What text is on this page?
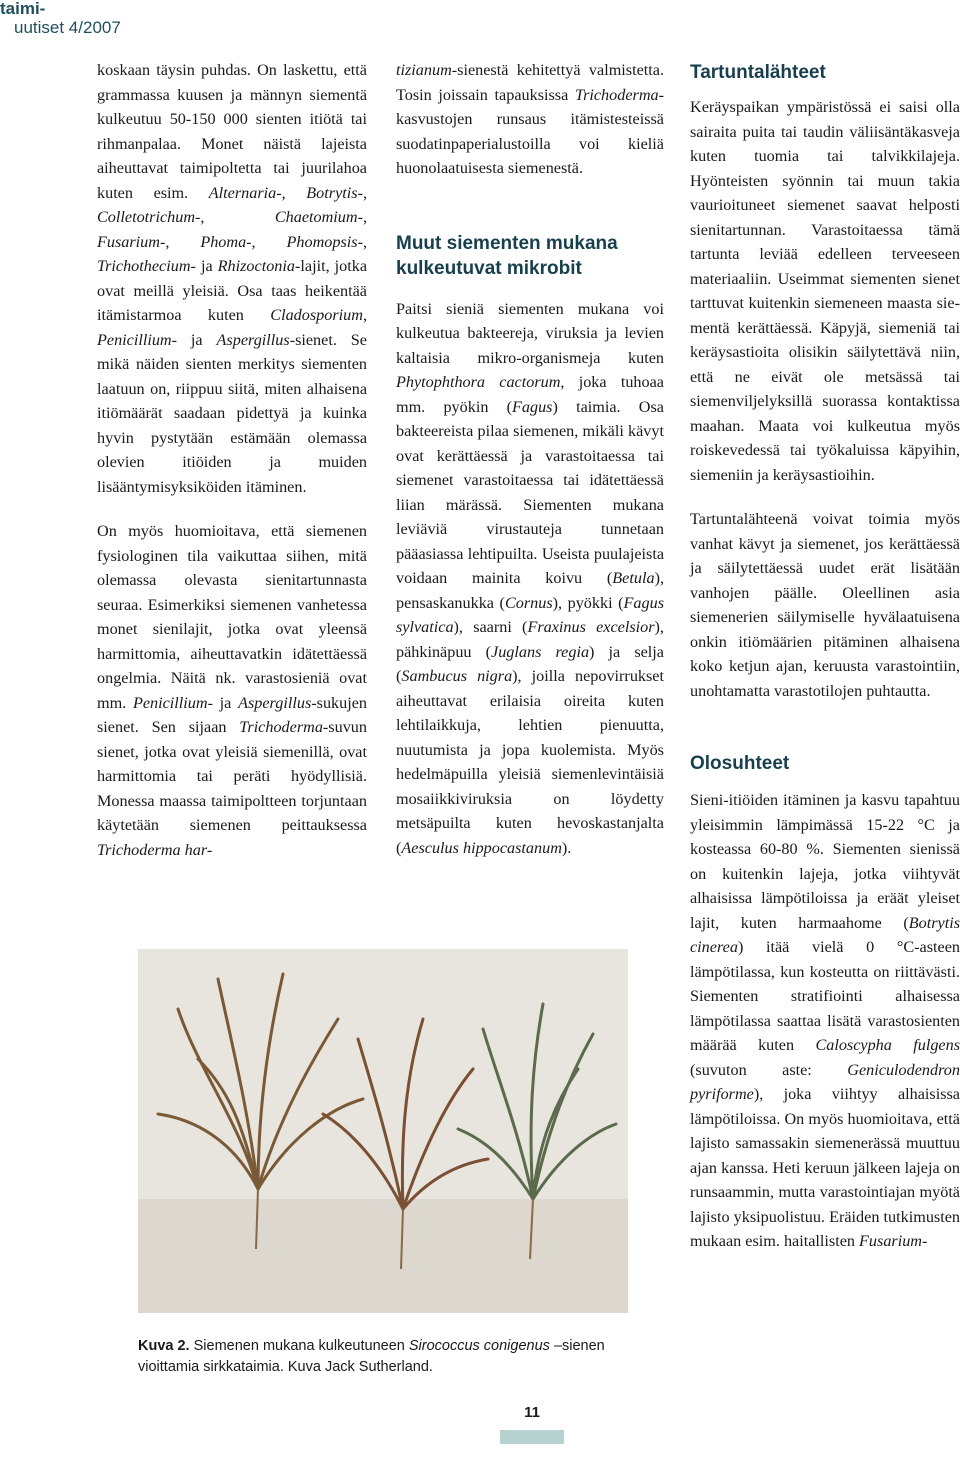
taimi-
uutiset 4/2007

koskaan täysin puhdas. On laskettu, että grammassa kuusen ja männyn siementä kulkeutuu 50-150 000 sienten itiötä tai rihmanpalaa. Monet näistä lajeista aiheuttavat taimipoltetta tai juurilahoa kuten esim. Alternaria-, Botrytis-, Colletotrichum-, Chaetomium-, Fusarium-, Phoma-, Phomopsis-, Trichothecium- ja Rhizoctonia-lajit, jotka ovat meillä yleisiä. Osa taas heikentää itämistarmoa kuten Cladosporium, Penicillium- ja Aspergillus-sienet. Se mikä näiden sienten merkitys siementen laatuun on, riippuu siitä, miten alhaisena itiömäärät saadaan pidettyä ja kuinka hyvin pystytään estämään olemassa olevien itiöiden ja muiden lisääntymisyksiköiden itäminen.

On myös huomioitava, että siemenen fysiologinen tila vaikuttaa siihen, mitä olemassa olevasta sienitartunnasta seuraa. Esimerkiksi siemenen vanhetessa monet sienilajit, jotka ovat yleensä harmittomia, aiheuttavatkin idätettäessä ongelmia. Näitä nk. varastosieniä ovat mm. Penicillium- ja Aspergillus-sukujen sienet. Sen sijaan Trichoderma-suvun sienet, jotka ovat yleisiä siemenillä, ovat harmittomia tai peräti hyödyllisiä. Monessa maassa taimipoltteen torjuntaan käytetään siemenen peittauksessa Trichoderma har-

tizianum-sienestä kehitettyä valmistetta. Tosin joissain tapauksissa Trichoderma-kasvustojen runsaus itämistesteissä suodatinpaperialustoilla voi kieliä huonolaatuisesta siemenestä.

Muut siementen mukana kulkeutuvat mikrobit

Paitsi sieniä siementen mukana voi kulkeutua bakteereja, viruksia ja levien kaltaisia mikro-organismeja kuten Phytophthora cactorum, joka tuhoaa mm. pyökin (Fagus) taimia. Osa bakteereista pilaa siemenen, mikäli kävyt ovat kerättäessä ja varastoitaessa tai siemenet varastoitaessa tai idätettäessä liian märässä. Siementen mukana leviäviä virustauteja tunnetaan pääasiassa lehtipuilta. Useista puulajeista voidaan mainita koivu (Betula), pensaskanukka (Cornus), pyökki (Fagus sylvatica), saarni (Fraxinus excelsior), pähkinäpuu (Juglans regia) ja selja (Sambucus nigra), joilla nepovirrukset aiheuttavat erilaisia oireita kuten lehtilaikkuja, lehtien pienuutta, nuutumista ja jopa kuolemista. Myös hedelmäpuilla yleisiä siemenlevintäisiä mosaiikkiviruksia on löydetty metsäpuilta kuten hevoskastanjalta (Aesculus hippocastanum).

Tartuntalähteet

Keräyspaikan ympäristössä ei saisi olla sairaita puita tai taudin väliisäntäkasveja kuten tuomia tai talvikkilajeja. Hyönteisten syönnin tai muun takia vaurioituneet siemenet saavat helposti sienitartunnan. Varastoitaessa tämä tartunta leviää edelleen terveeseen materiaaliin. Useimmat siementen sienet tarttuvat kuitenkin siemeneen maasta siementä kerättäessä. Käpyjä, siemeniä tai keräysastioita olisikin säilytettävä niin, että ne eivät ole metsässä tai siemenviljelyksillä suorassa kontaktissa maahan. Maata voi kulkeutua myös roiskevedessä tai työkaluissa käpyihin, siemeniin ja keräysastioihin.

Tartuntalähteenä voivat toimia myös vanhat kävyt ja siemenet, jos kerättäessä ja säilytettäessä uudet erät lisätään vanhojen päälle. Oleellinen asia siemenerien säilymiselle hyvälaatuisena onkin itiömäärien pitäminen alhaisena koko ketjun ajan, keruusta varastointiin, unohtamatta varastotilojen puhtautta.

Olosuhteet

Sieni-itiöiden itäminen ja kasvu tapahtuu yleisimmin lämpimässä 15-22 °C ja kosteassa 60-80 %. Siementen sienissä on kuitenkin lajeja, jotka viihtyvät alhaisissa lämpötiloissa ja eräät yleiset lajit, kuten harmaahome (Botrytis cinerea) itää vielä 0 °C-asteen lämpötilassa, kun kosteutta on riittävästi. Siementen stratifiointi alhaisessa lämpötilassa saattaa lisätä varastosienten määrää kuten Caloscypha fulgens (suvuton aste: Geniculodendron pyriforme), joka viihtyy alhaisissa lämpötiloissa. On myös huomioitava, että lajisto samassakin siemenerässä muuttuu ajan kanssa. Heti keruun jälkeen lajeja on runsaammin, mutta varastointiajan myötä lajisto yksipuolistuu. Eräiden tutkimusten mukaan esim. haitallisten Fusarium-

Kuva 2. Siemenen mukana kulkeutuneen Sirococcus conigenus –sienen vioittamia sirkkataimia. Kuva Jack Sutherland.
11
